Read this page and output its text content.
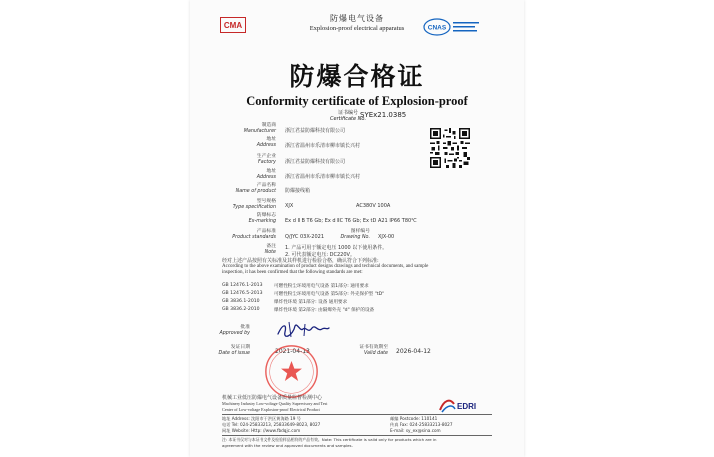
CMA
防爆电气设备
Explosion-proof electrical apparatus	CNAS
防爆合格证
Conformity certificate of Explosion-proof
证书编号
Certificate No.
SYEx21.0385
制造商
Manufacturer 浙江君益防爆科技有限公司
地址
Address 浙江省温州市乐清市柳市镇长兴村
生产企业
Factory 浙江君益防爆科技有限公司
地址
Address 浙江省温州市乐清市柳市镇长兴村
产品名称
Name of product 防爆接线箱
型号规格
Type specification XJX	AC380V 100A
防爆标志
Ex-marking Ex d Ⅱ B T6 Gb; Ex d ⅡC T6 Gb; Ex tD A21 IP66 T80℃
产品标准
Product standards Q/JYC 03X-2021
图样编号
Drawing No. XJX-00
备注
Note
1. 产品可用于额定电压 1000 以下使用条件。
2. 可代表额定电压: DC220V。
经对上述产品按照有关标准及其样机进行检验合格，确认符合下列标准:
According to the above examination of product designs drawings and technical documents, and sample
inspection, it has been confirmed that the following standards are met:
GB 12476.1-2013	可燃性粉尘环境用电气设备 第1部分: 通用要求
GB 12476.5-2013	可燃性粉尘环境用电气设备 第5部分: 外壳保护型 "tD"
GB 3836.1-2010	爆炸性环境 第1部分: 设备 通用要求
GB 3836.2-2010	爆炸性环境 第2部分: 由隔爆外壳 "d" 保护的设备
批准
Approved by
发证日期
Date of issue	2021-04-13
证书有效期至
Valid date 2026-04-12
机械工业低压防爆电气设备质量监督检测中心
Machinery Industry Low-voltage Quality Supervisory and Test
Center of Low-voltage Explosion-proof Electrical Product	EDRI
地址 Address: 沈阳市于洪区黄海路 19 号	邮编 Postcode: 110141
电话 Tel: 024-25833213, 25833649-8023, 8027	传真 Fax: 024-25833213-8027
网址 Website: Http: //www.fbdqjc.com	E-mail: sy_ex@sina.com
注: 本证书仅对与本证书文件及检验样品相符的产品有效。Note: This certificate is valid only for products which are in
agreement with the review and approved documents and samples.
